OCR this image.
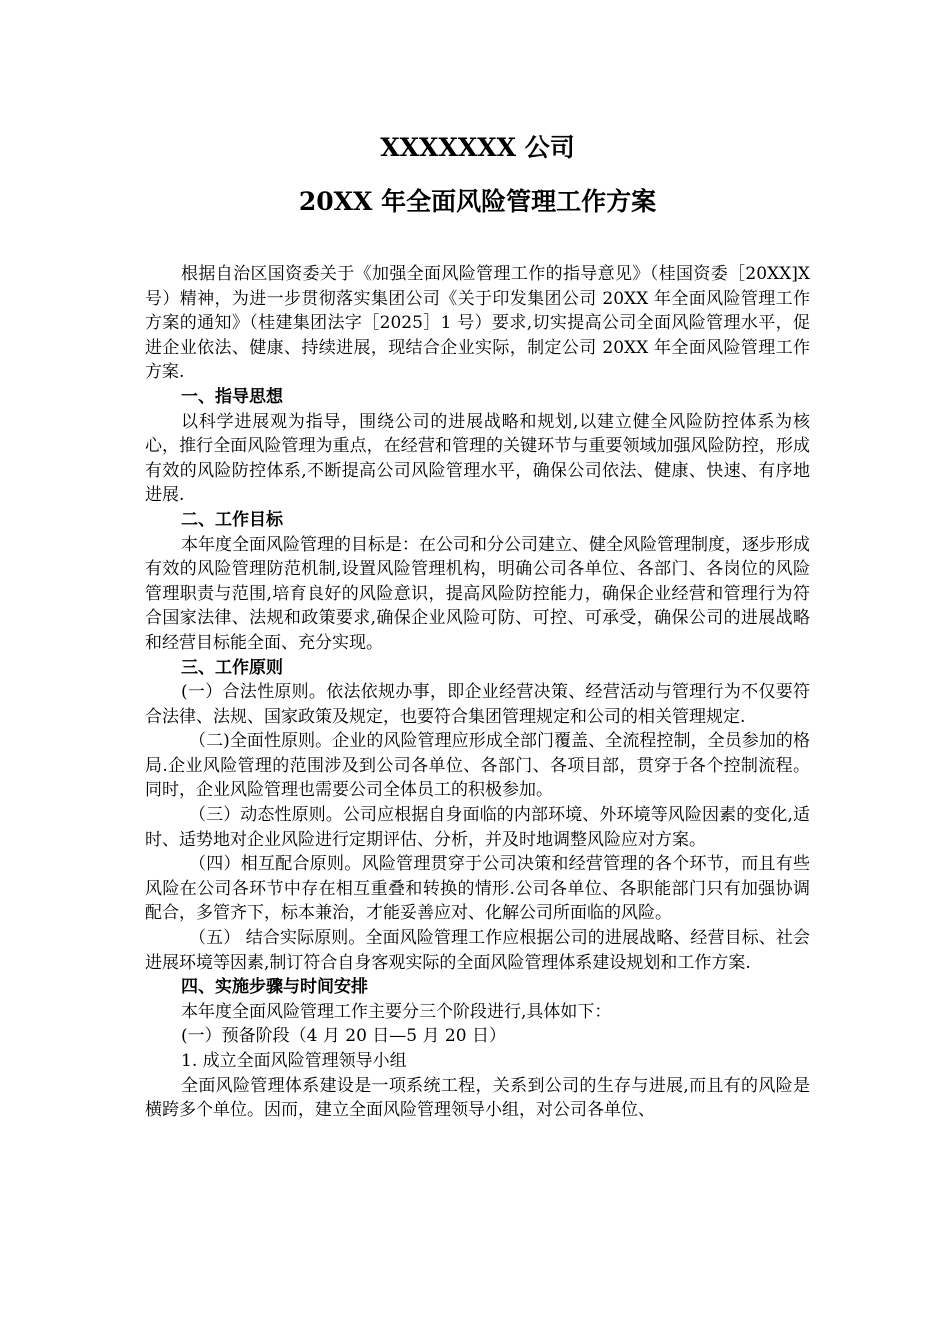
XXXXXXX 公司
20XX 年全面风险管理工作方案

根据自治区国资委关于《加强全面风险管理工作的指导意见》（桂国资委［20XX]X 号）精神，为进一步贯彻落实集团公司《关于印发集团公司 20XX 年全面风险管理工作方案的通知》（桂建集团法字［2025］1 号）要求,切实提高公司全面风险管理水平，促进企业依法、健康、持续进展，现结合企业实际，制定公司 20XX 年全面风险管理工作方案.

一、指导思想

以科学进展观为指导，围绕公司的进展战略和规划,以建立健全风险防控体系为核心，推行全面风险管理为重点，在经营和管理的关键环节与重要领域加强风险防控，形成有效的风险防控体系,不断提高公司风险管理水平，确保公司依法、健康、快速、有序地进展.

二、工作目标

本年度全面风险管理的目标是：在公司和分公司建立、健全风险管理制度，逐步形成有效的风险管理防范机制,设置风险管理机构，明确公司各单位、各部门、各岗位的风险管理职责与范围,培育良好的风险意识，提高风险防控能力，确保企业经营和管理行为符合国家法律、法规和政策要求,确保企业风险可防、可控、可承受，确保公司的进展战略和经营目标能全面、充分实现。

三、工作原则

(一）合法性原则。依法依规办事，即企业经营决策、经营活动与管理行为不仅要符合法律、法规、国家政策及规定，也要符合集团管理规定和公司的相关管理规定.

（二)全面性原则。企业的风险管理应形成全部门覆盖、全流程控制，全员参加的格局.企业风险管理的范围涉及到公司各单位、各部门、各项目部，贯穿于各个控制流程。同时，企业风险管理也需要公司全体员工的积极参加。

（三）动态性原则。公司应根据自身面临的内部环境、外环境等风险因素的变化,适时、适势地对企业风险进行定期评估、分析，并及时地调整风险应对方案。

（四）相互配合原则。风险管理贯穿于公司决策和经营管理的各个环节，而且有些风险在公司各环节中存在相互重叠和转换的情形.公司各单位、各职能部门只有加强协调配合，多管齐下，标本兼治，才能妥善应对、化解公司所面临的风险。

（五） 结合实际原则。全面风险管理工作应根据公司的进展战略、经营目标、社会进展环境等因素,制订符合自身客观实际的全面风险管理体系建设规划和工作方案.

四、实施步骤与时间安排

本年度全面风险管理工作主要分三个阶段进行,具体如下：

(一）预备阶段（4 月 20 日—5 月 20 日）

1. 成立全面风险管理领导小组

全面风险管理体系建设是一项系统工程，关系到公司的生存与进展,而且有的风险是横跨多个单位。因而，建立全面风险管理领导小组，对公司各单位、
